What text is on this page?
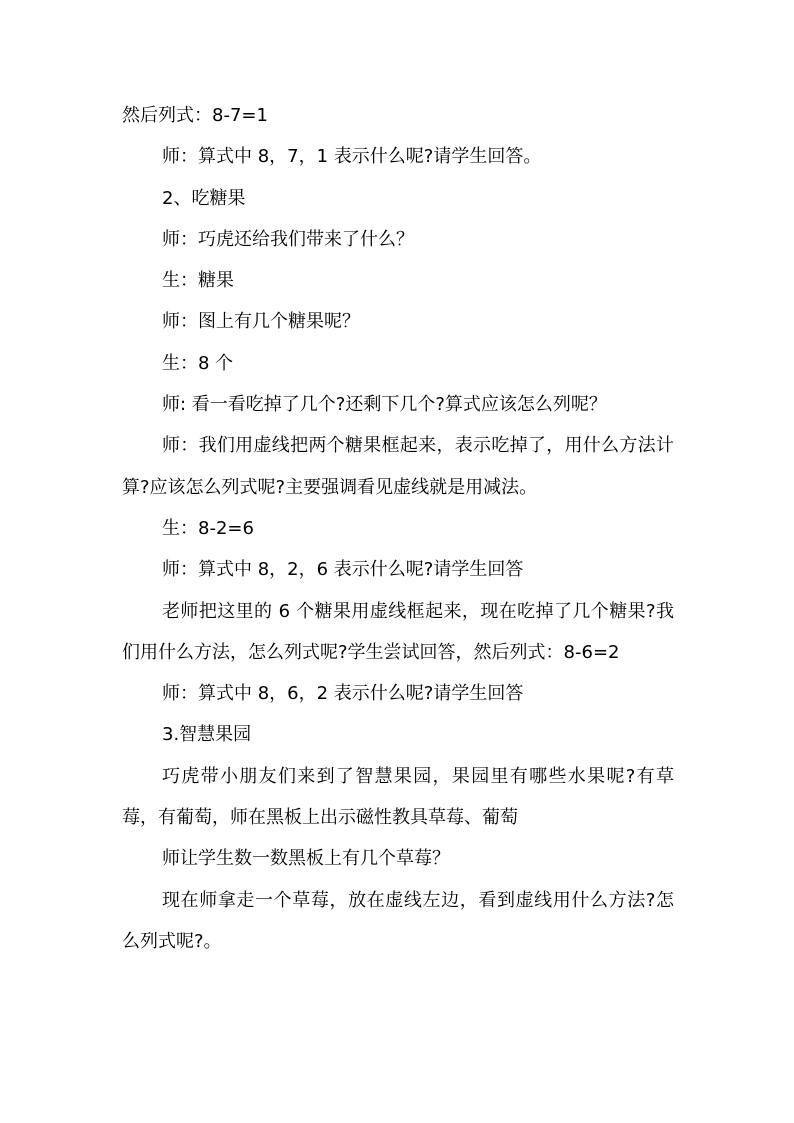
然后列式：8-7=1

师：算式中 8，7，1 表示什么呢?请学生回答。

2、吃糖果

师：巧虎还给我们带来了什么？

生：糖果

师：图上有几个糖果呢？

生：8 个

师: 看一看吃掉了几个?还剩下几个?算式应该怎么列呢？

师：我们用虚线把两个糖果框起来，表示吃掉了，用什么方法计算?应该怎么列式呢?主要强调看见虚线就是用减法。

生：8-2=6

师：算式中 8，2，6 表示什么呢?请学生回答

老师把这里的 6 个糖果用虚线框起来，现在吃掉了几个糖果?我们用什么方法，怎么列式呢?学生尝试回答，然后列式：8-6=2

师：算式中 8，6，2 表示什么呢?请学生回答

3.智慧果园

巧虎带小朋友们来到了智慧果园，果园里有哪些水果呢?有草莓，有葡萄，师在黑板上出示磁性教具草莓、葡萄

师让学生数一数黑板上有几个草莓？

现在师拿走一个草莓，放在虚线左边，看到虚线用什么方法?怎么列式呢?。
